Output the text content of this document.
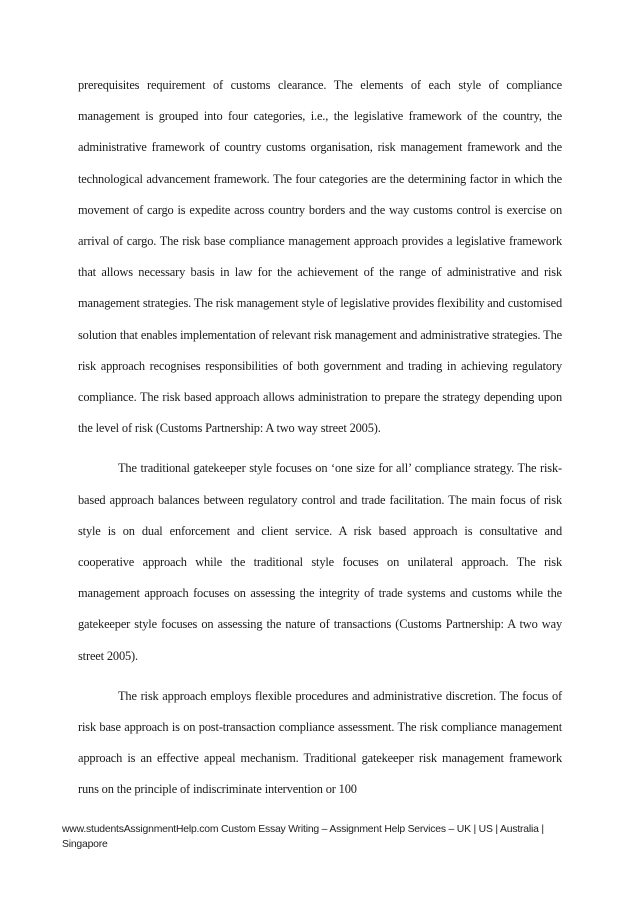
prerequisites requirement of customs clearance. The elements of each style of compliance management is grouped into four categories, i.e., the legislative framework of the country, the administrative framework of country customs organisation, risk management framework and the technological advancement framework. The four categories are the determining factor in which the movement of cargo is expedite across country borders and the way customs control is exercise on arrival of cargo. The risk base compliance management approach provides a legislative framework that allows necessary basis in law for the achievement of the range of administrative and risk management strategies. The risk management style of legislative provides flexibility and customised solution that enables implementation of relevant risk management and administrative strategies. The risk approach recognises responsibilities of both government and trading in achieving regulatory compliance. The risk based approach allows administration to prepare the strategy depending upon the level of risk (Customs Partnership: A two way street 2005).

The traditional gatekeeper style focuses on ‘one size for all’ compliance strategy. The risk-based approach balances between regulatory control and trade facilitation. The main focus of risk style is on dual enforcement and client service. A risk based approach is consultative and cooperative approach while the traditional style focuses on unilateral approach. The risk management approach focuses on assessing the integrity of trade systems and customs while the gatekeeper style focuses on assessing the nature of transactions (Customs Partnership: A two way street 2005).

The risk approach employs flexible procedures and administrative discretion. The focus of risk base approach is on post-transaction compliance assessment. The risk compliance management approach is an effective appeal mechanism. Traditional gatekeeper risk management framework runs on the principle of indiscriminate intervention or 100

www.studentsAssignmentHelp.com Custom Essay Writing – Assignment Help Services – UK | US | Australia | Singapore
